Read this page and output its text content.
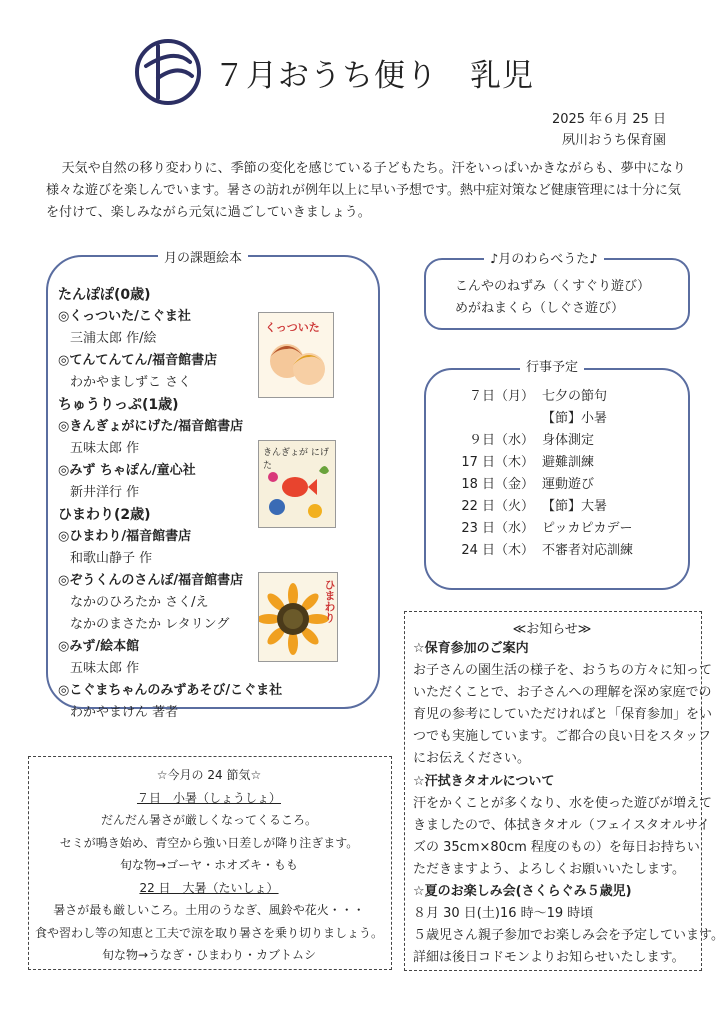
７月おうち便り　乳児
2025 年６月 25 日
夙川おうち保育園
天気や自然の移り変わりに、季節の変化を感じている子どもたち。汗をいっぱいかきながらも、夢中になり様々な遊びを楽しんでいます。暑さの訪れが例年以上に早い予想です。熱中症対策など健康管理には十分に気を付けて、楽しみながら元気に過ごしていきましょう。
月の課題絵本
たんぽぽ(0歳)
◎くっついた/こぐま社
三浦太郎 作/絵
◎てんてんてん/福音館書店
わかやましずこ さく
ちゅうりっぷ(1歳)
◎きんぎょがにげた/福音館書店
五味太郎 作
◎みず ちゃぽん/童心社
新井洋行 作
ひまわり(2歳)
◎ひまわり/福音館書店
和歌山静子 作
◎ぞうくんのさんぽ/福音館書店
なかのひろたか さく/え
なかのまさたか レタリング
◎みず/絵本館
五味太郎 作
◎こぐまちゃんのみずあそび/こぐま社
わかやまけん 著者
くっついた
きんぎょが にげた
ひまわり
♪月のわらべうた♪
こんやのねずみ（くすぐり遊び）
めがねまくら（しぐさ遊び）
行事予定
７日（月） 七夕の節句
【節】小暑
９日（水） 身体測定
17 日（木） 避難訓練
18 日（金） 運動遊び
22 日（火） 【節】大暑
23 日（水） ピッカピカデー
24 日（木） 不審者対応訓練
≪お知らせ≫
☆保育参加のご案内
お子さんの園生活の様子を、おうちの方々に知って
いただくことで、お子さんへの理解を深め家庭での
育児の参考にしていただければと「保育参加」をい
つでも実施しています。ご都合の良い日をスタッフ
にお伝えください。
☆汗拭きタオルについて
汗をかくことが多くなり、水を使った遊びが増えて
きましたので、体拭きタオル（フェイスタオルサイ
ズの 35cm×80cm 程度のもの）を毎日お持ちい
ただきますよう、よろしくお願いいたします。
☆夏のお楽しみ会(さくらぐみ５歳児)
８月 30 日(土)16 時～19 時頃
５歳児さん親子参加でお楽しみ会を予定しています。
詳細は後日コドモンよりお知らせいたします。
☆今月の 24 節気☆
７日　小暑（しょうしょ）
だんだん暑さが厳しくなってくるころ。
セミが鳴き始め、青空から強い日差しが降り注ぎます。
旬な物→ゴーヤ・ホオズキ・もも
22 日　大暑（たいしょ）
暑さが最も厳しいころ。土用のうなぎ、風鈴や花火・・・
食や習わし等の知恵と工夫で涼を取り暑さを乗り切りましょう。
旬な物→うなぎ・ひまわり・カブトムシ
